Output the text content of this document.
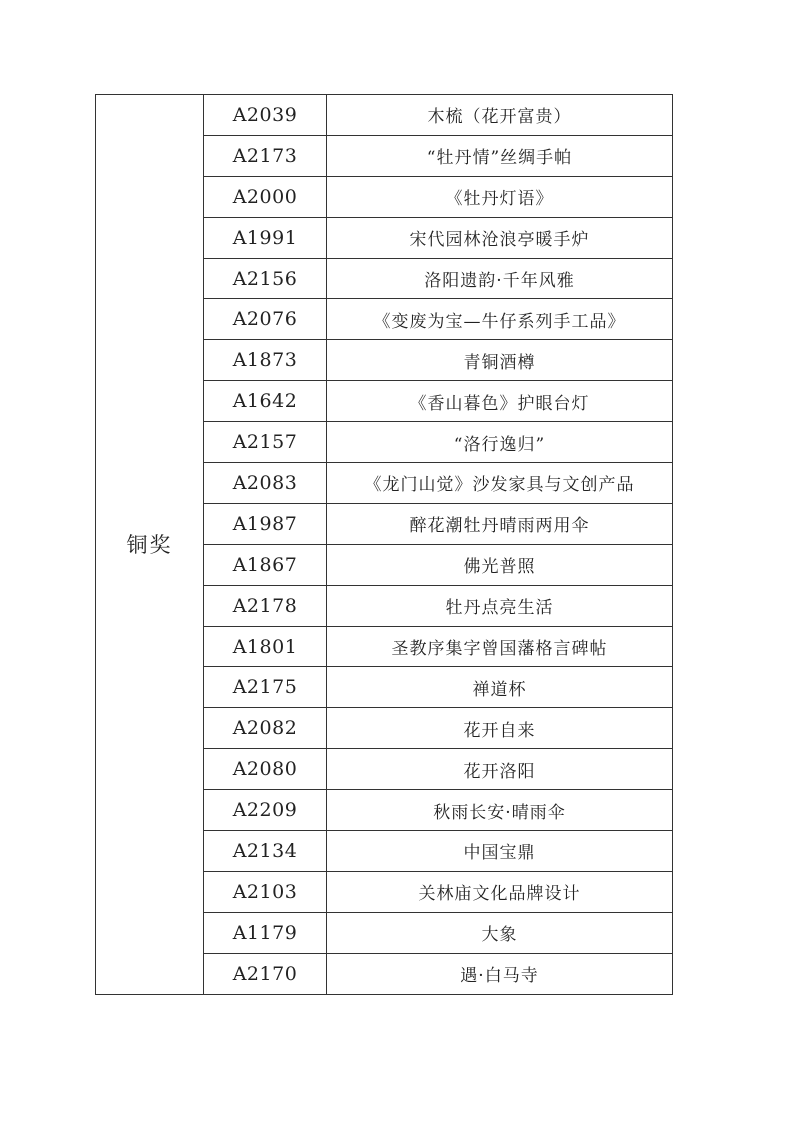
铜奖	A2039	木梳（花开富贵）
	A2173	“牡丹情”丝绸手帕
	A2000	《牡丹灯语》
	A1991	宋代园林沧浪亭暖手炉
	A2156	洛阳遗韵·千年风雅
	A2076	《变废为宝—牛仔系列手工品》
	A1873	青铜酒樽
	A1642	《香山暮色》护眼台灯
	A2157	“洛行逸归”
	A2083	《龙门山觉》沙发家具与文创产品
	A1987	醉花潮牡丹晴雨两用伞
	A1867	佛光普照
	A2178	牡丹点亮生活
	A1801	圣教序集字曾国藩格言碑帖
	A2175	禅道杯
	A2082	花开自来
	A2080	花开洛阳
	A2209	秋雨长安·晴雨伞
	A2134	中国宝鼎
	A2103	关林庙文化品牌设计
	A1179	大象
	A2170	遇·白马寺
